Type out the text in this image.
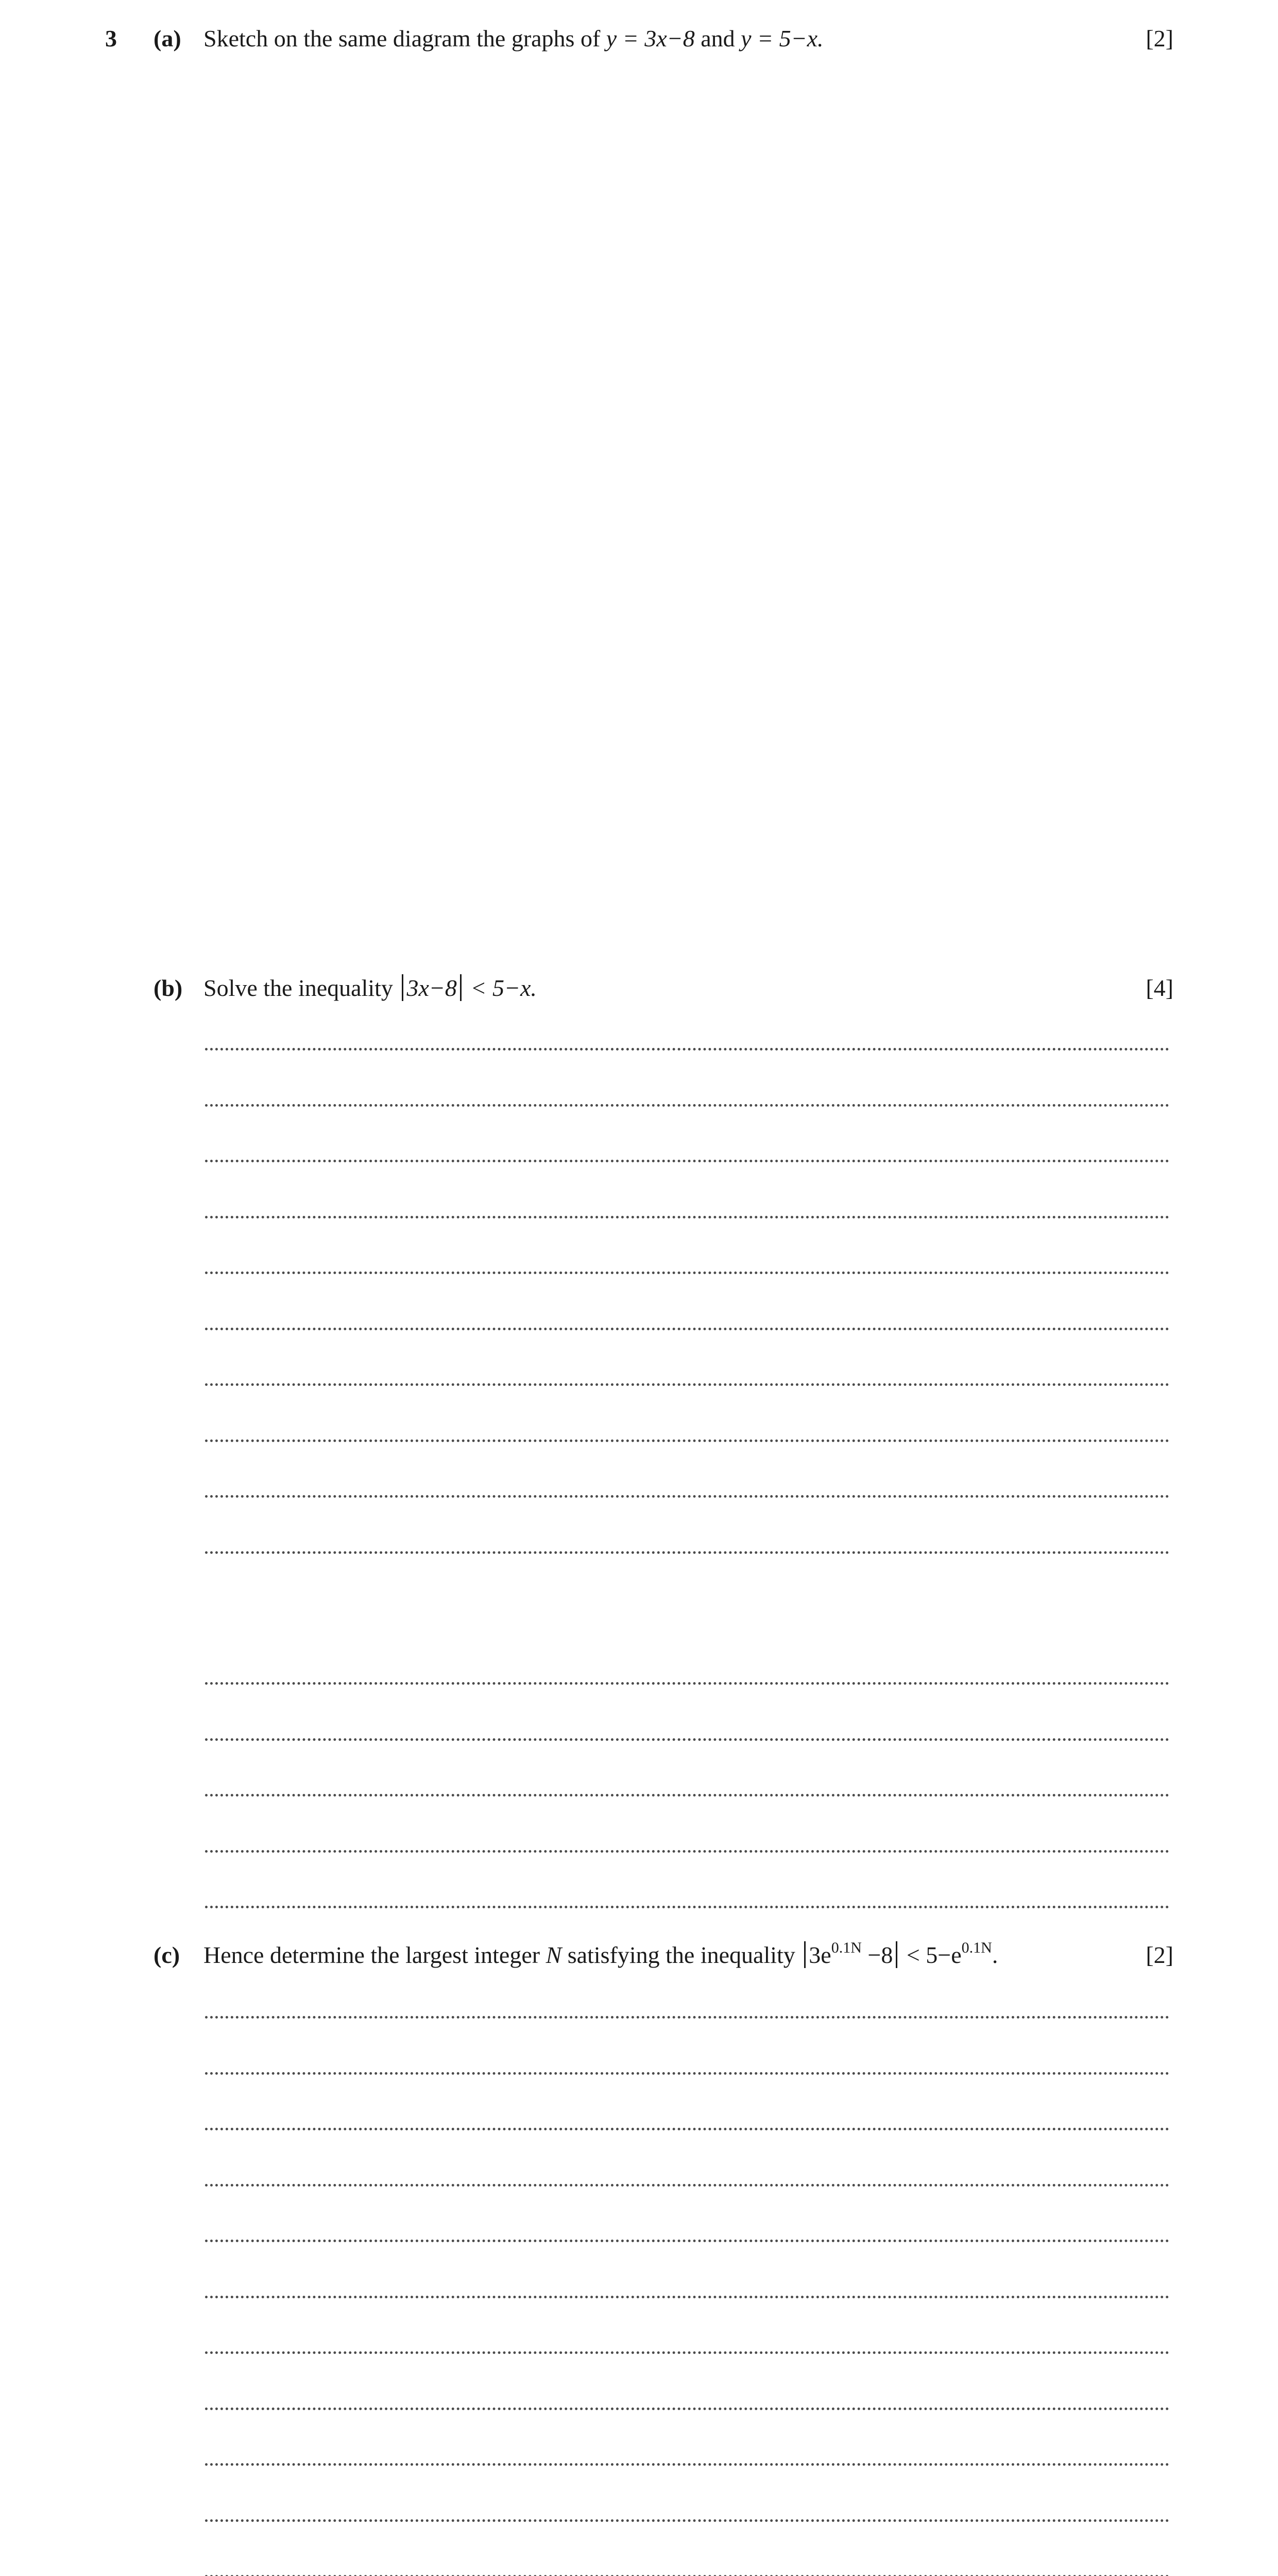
3 (a) Sketch on the same diagram the graphs of y = 3x−8 and y = 5−x.	[2]
(b) Solve the inequality 3x−8 < 5−x.	[4]
(c) Hence determine the largest integer N satisfying the inequality $3e^{0.1N} -8 < 5-e^{0.1N}$.	[2]
